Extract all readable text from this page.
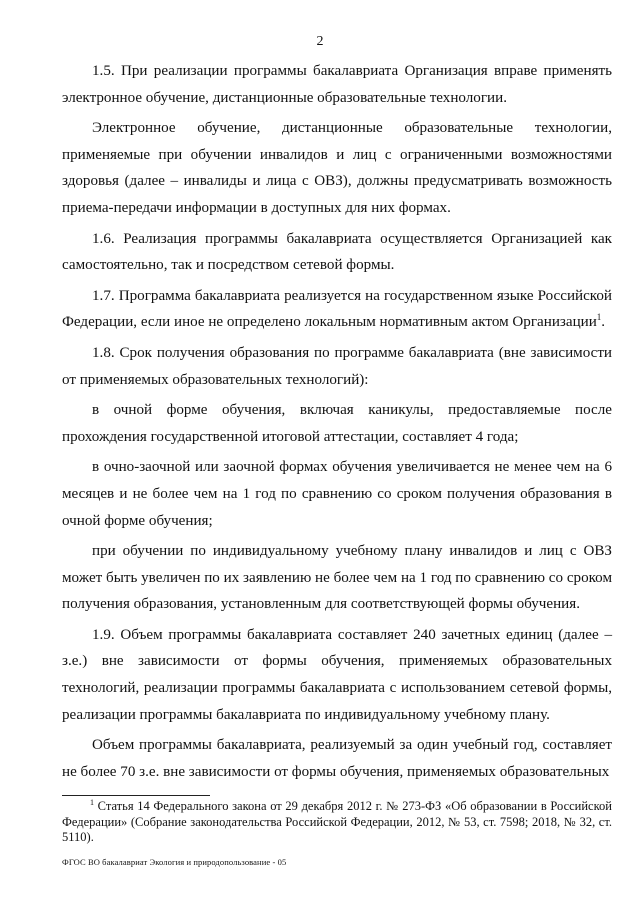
2

1.5. При реализации программы бакалавриата Организация вправе применять электронное обучение, дистанционные образовательные технологии.

Электронное обучение, дистанционные образовательные технологии, применяемые при обучении инвалидов и лиц с ограниченными возможностями здоровья (далее – инвалиды и лица с ОВЗ), должны предусматривать возможность приема-передачи информации в доступных для них формах.

1.6. Реализация программы бакалавриата осуществляется Организацией как самостоятельно, так и посредством сетевой формы.

1.7. Программа бакалавриата реализуется на государственном языке Российской Федерации, если иное не определено локальным нормативным актом Организации$^1$.

1.8. Срок получения образования по программе бакалавриата (вне зависимости от применяемых образовательных технологий):

в очной форме обучения, включая каникулы, предоставляемые после прохождения государственной итоговой аттестации, составляет 4 года;

в очно-заочной или заочной формах обучения увеличивается не менее чем на 6 месяцев и не более чем на 1 год по сравнению со сроком получения образования в очной форме обучения;

при обучении по индивидуальному учебному плану инвалидов и лиц с ОВЗ может быть увеличен по их заявлению не более чем на 1 год по сравнению со сроком получения образования, установленным для соответствующей формы обучения.

1.9. Объем программы бакалавриата составляет 240 зачетных единиц (далее – з.е.) вне зависимости от формы обучения, применяемых образовательных технологий, реализации программы бакалавриата с использованием сетевой формы, реализации программы бакалавриата по индивидуальному учебному плану.

Объем программы бакалавриата, реализуемый за один учебный год, составляет не более 70 з.е. вне зависимости от формы обучения, применяемых образовательных

$^1$ Статья 14 Федерального закона от 29 декабря 2012 г. № 273-ФЗ «Об образовании в Российской Федерации» (Собрание законодательства Российской Федерации, 2012, № 53, ст. 7598; 2018, № 32, ст. 5110).
ФГОС ВО бакалавриат Экология и природопользование - 05
